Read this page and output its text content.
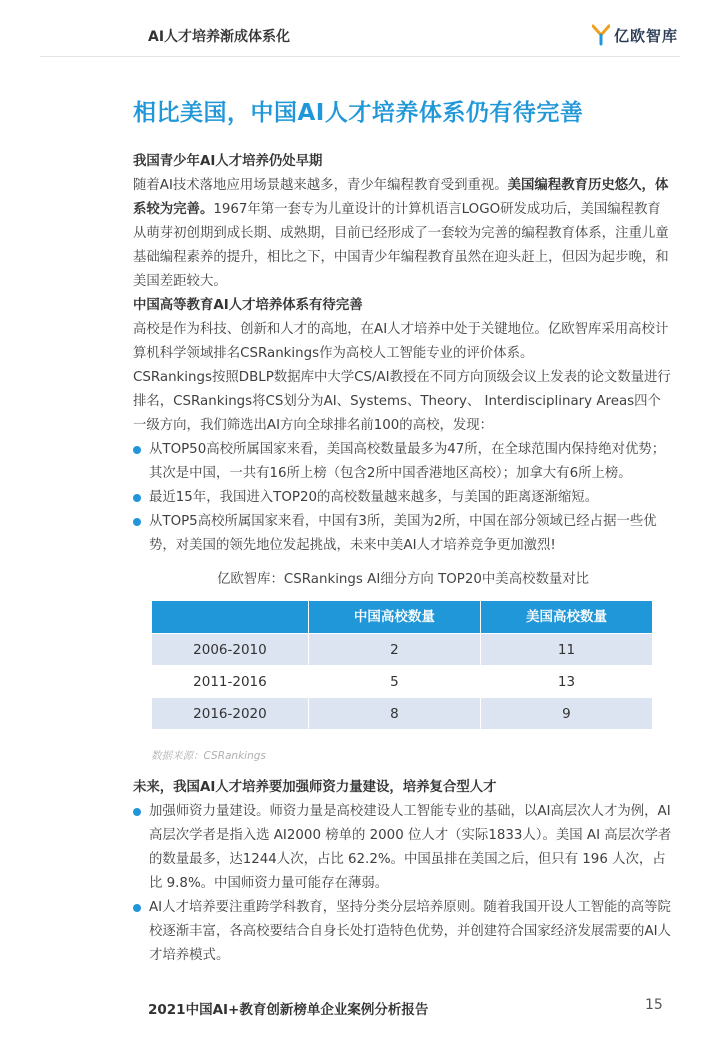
AI人才培养渐成体系化	亿欧智库
相比美国，中国AI人才培养体系仍有待完善
我国青少年AI人才培养仍处早期

随着AI技术落地应用场景越来越多，青少年编程教育受到重视。美国编程教育历史悠久，体系较为完善。1967年第一套专为儿童设计的计算机语言LOGO研发成功后，美国编程教育从萌芽初创期到成长期、成熟期，目前已经形成了一套较为完善的编程教育体系，注重儿童基础编程素养的提升，相比之下，中国青少年编程教育虽然在迎头赶上，但因为起步晚，和美国差距较大。

中国高等教育AI人才培养体系有待完善

高校是作为科技、创新和人才的高地，在AI人才培养中处于关键地位。亿欧智库采用高校计算机科学领域排名CSRankings作为高校人工智能专业的评价体系。

CSRankings按照DBLP数据库中大学CS/AI教授在不同方向顶级会议上发表的论文数量进行排名，CSRankings将CS划分为AI、Systems、Theory、 Interdisciplinary Areas四个一级方向，我们筛选出AI方向全球排名前100的高校，发现：

从TOP50高校所属国家来看，美国高校数量最多为47所，在全球范围内保持绝对优势；其次是中国，一共有16所上榜（包含2所中国香港地区高校）；加拿大有6所上榜。
最近15年，我国进入TOP20的高校数量越来越多，与美国的距离逐渐缩短。
从TOP5高校所属国家来看，中国有3所，美国为2所，中国在部分领域已经占据一些优势，对美国的领先地位发起挑战，未来中美AI人才培养竞争更加激烈!
亿欧智库：CSRankings AI细分方向 TOP20中美高校数量对比
	中国高校数量	美国高校数量
2006-2010	2	11
2011-2016	5	13
2016-2020	8	9
数据来源：CSRankings
未来，我国AI人才培养要加强师资力量建设，培养复合型人才
加强师资力量建设。师资力量是高校建设人工智能专业的基础，以AI高层次人才为例，AI 高层次学者是指入选 AI2000 榜单的 2000 位人才（实际1833人）。美国 AI 高层次学者的数量最多，达1244人次，占比 62.2%。中国虽排在美国之后，但只有 196 人次，占比 9.8%。中国师资力量可能存在薄弱。
AI人才培养要注重跨学科教育，坚持分类分层培养原则。随着我国开设人工智能的高等院校逐渐丰富，各高校要结合自身长处打造特色优势，并创建符合国家经济发展需要的AI人才培养模式。
2021中国AI+教育创新榜单企业案例分析报告	15
